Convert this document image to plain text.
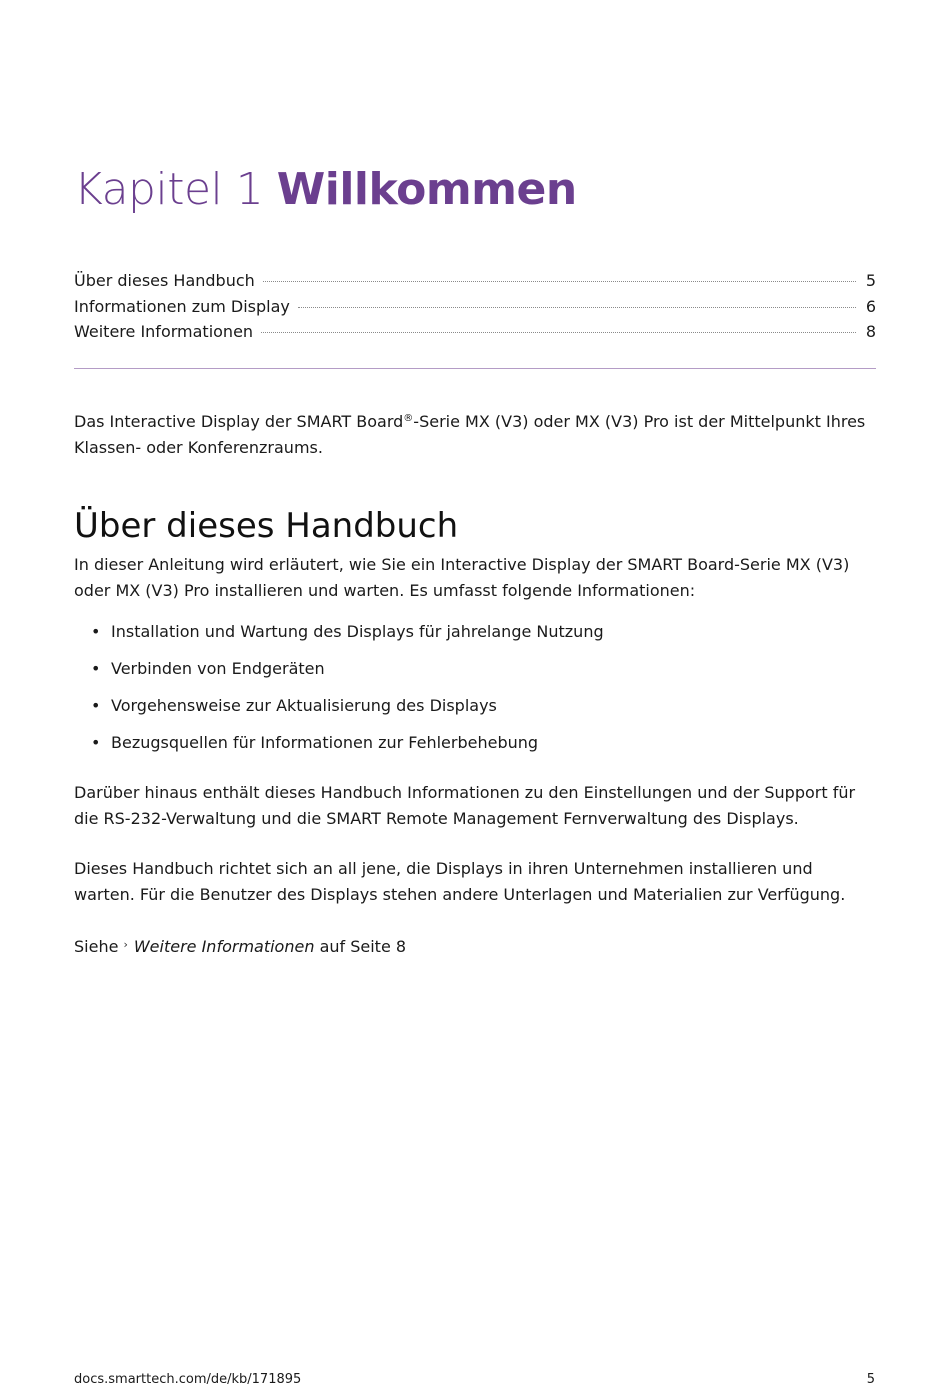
Kapitel 1 Willkommen
Über dieses Handbuch	5
Informationen zum Display	6
Weitere Informationen	8

Das Interactive Display der SMART Board®-Serie MX (V3) oder MX (V3) Pro ist der Mittelpunkt Ihres Klassen- oder Konferenzraums.

Über dieses Handbuch

In dieser Anleitung wird erläutert, wie Sie ein Interactive Display der SMART Board-Serie MX (V3) oder MX (V3) Pro installieren und warten. Es umfasst folgende Informationen:

• Installation und Wartung des Displays für jahrelange Nutzung
• Verbinden von Endgeräten
• Vorgehensweise zur Aktualisierung des Displays
• Bezugsquellen für Informationen zur Fehlerbehebung

Darüber hinaus enthält dieses Handbuch Informationen zu den Einstellungen und der Support für die RS-232-Verwaltung und die SMART Remote Management Fernverwaltung des Displays.

Dieses Handbuch richtet sich an all jene, die Displays in ihren Unternehmen installieren und warten. Für die Benutzer des Displays stehen andere Unterlagen und Materialien zur Verfügung.

Siehe › Weitere Informationen auf Seite 8

docs.smarttech.com/de/kb/171895	5
